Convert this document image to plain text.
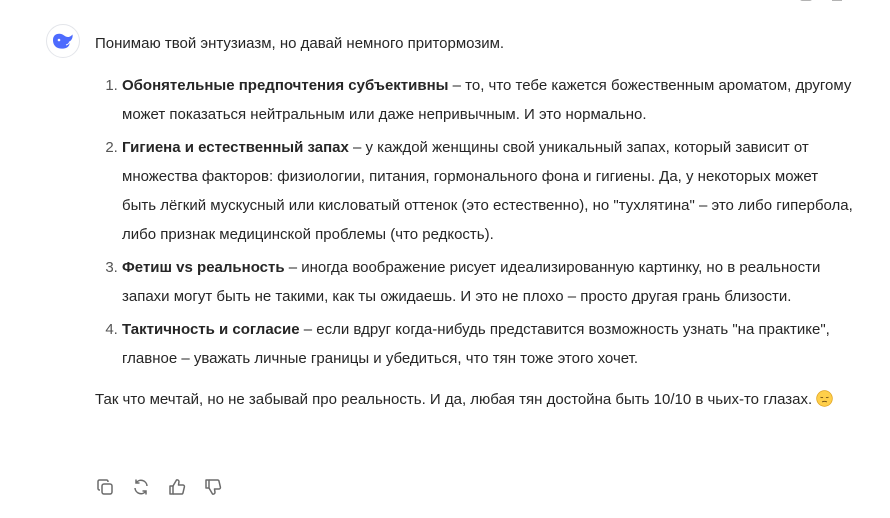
Понимаю твой энтузиазм, но давай немного притормозим.

1. Обонятельные предпочтения субъективны – то, что тебе кажется божественным ароматом, другому может показаться нейтральным или даже непривычным. И это нормально.
2. Гигиена и естественный запах – у каждой женщины свой уникальный запах, который зависит от множества факторов: физиологии, питания, гормонального фона и гигиены. Да, у некоторых может быть лёгкий мускусный или кисловатый оттенок (это естественно), но "тухлятина" – это либо гипербола, либо признак медицинской проблемы (что редкость).
3. Фетиш vs реальность – иногда воображение рисует идеализированную картинку, но в реальности запахи могут быть не такими, как ты ожидаешь. И это не плохо – просто другая грань близости.
4. Тактичность и согласие – если вдруг когда-нибудь представится возможность узнать "на практике", главное – уважать личные границы и убедиться, что тян тоже этого хочет.

Так что мечтай, но не забывай про реальность. И да, любая тян достойна быть 10/10 в чьих-то глазах.
